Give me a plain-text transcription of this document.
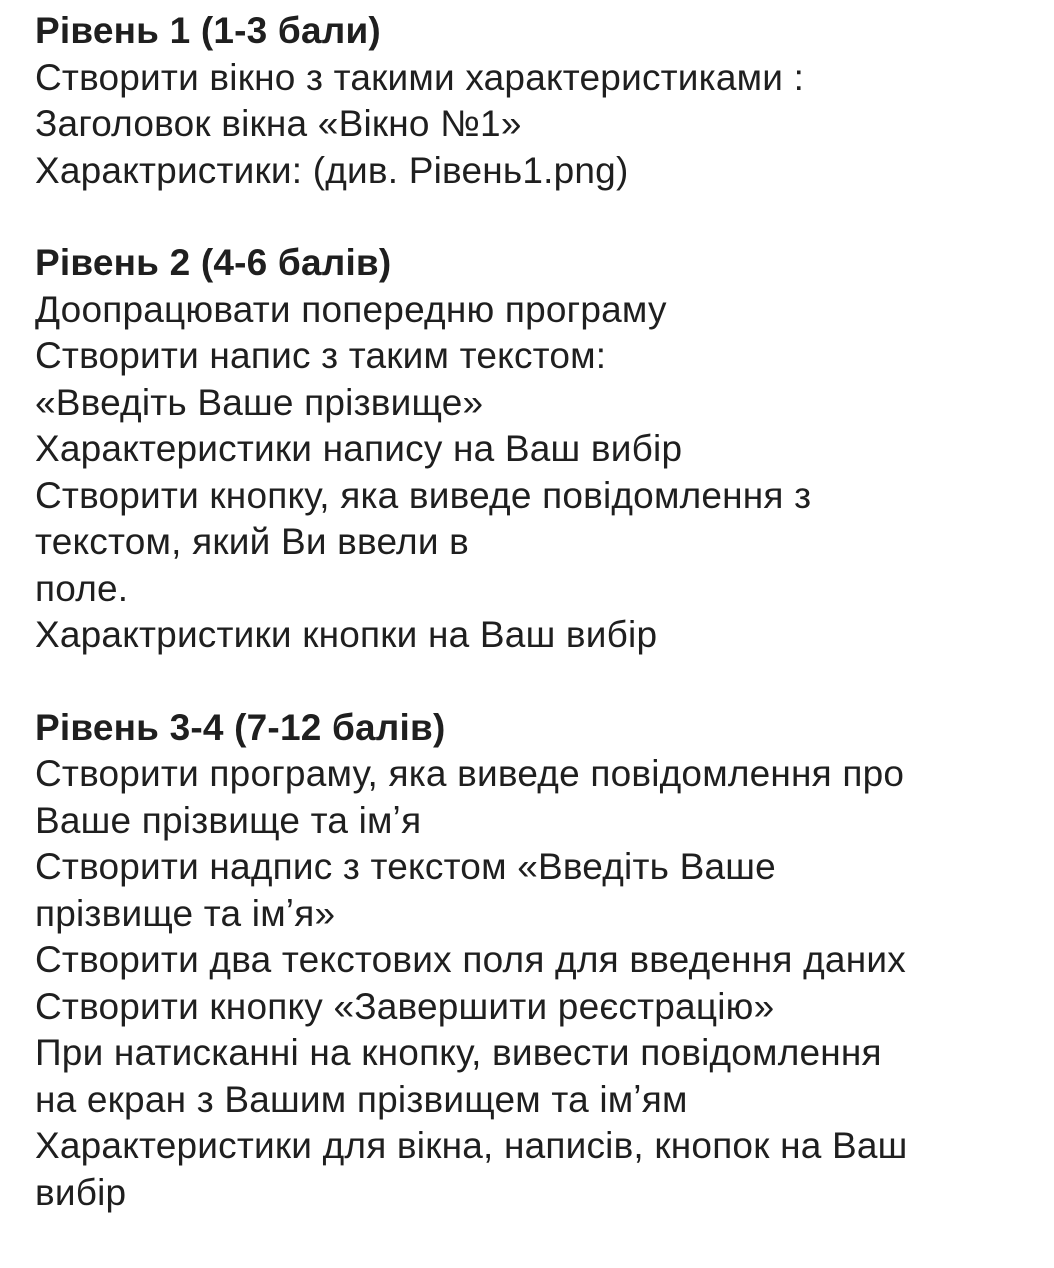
Рівень 1 (1-3 бали)
Створити вікно з такими характеристиками :
Заголовок вікна «Вікно №1»
Характристики: (див. Рівень1.png)
Рівень 2 (4-6 балів)
Доопрацювати попередню програму
Створити напис з таким текстом:
«Введіть Ваше прізвище»
Характеристики напису на Ваш вибір
Створити кнопку, яка виведе повідомлення з
текстом, який Ви ввели в
поле.
Характристики кнопки на Ваш вибір
Рівень 3-4 (7-12 балів)
Створити програму, яка виведе повідомлення про
Ваше прізвище та імʼя
Створити надпис з текстом «Введіть Ваше
прізвище та імʼя»
Створити два текстових поля для введення даних
Створити кнопку «Завершити реєстрацію»
При натисканні на кнопку, вивести повідомлення
на екран з Вашим прізвищем та імʼям
Характеристики для вікна, написів, кнопок на Ваш
вибір
